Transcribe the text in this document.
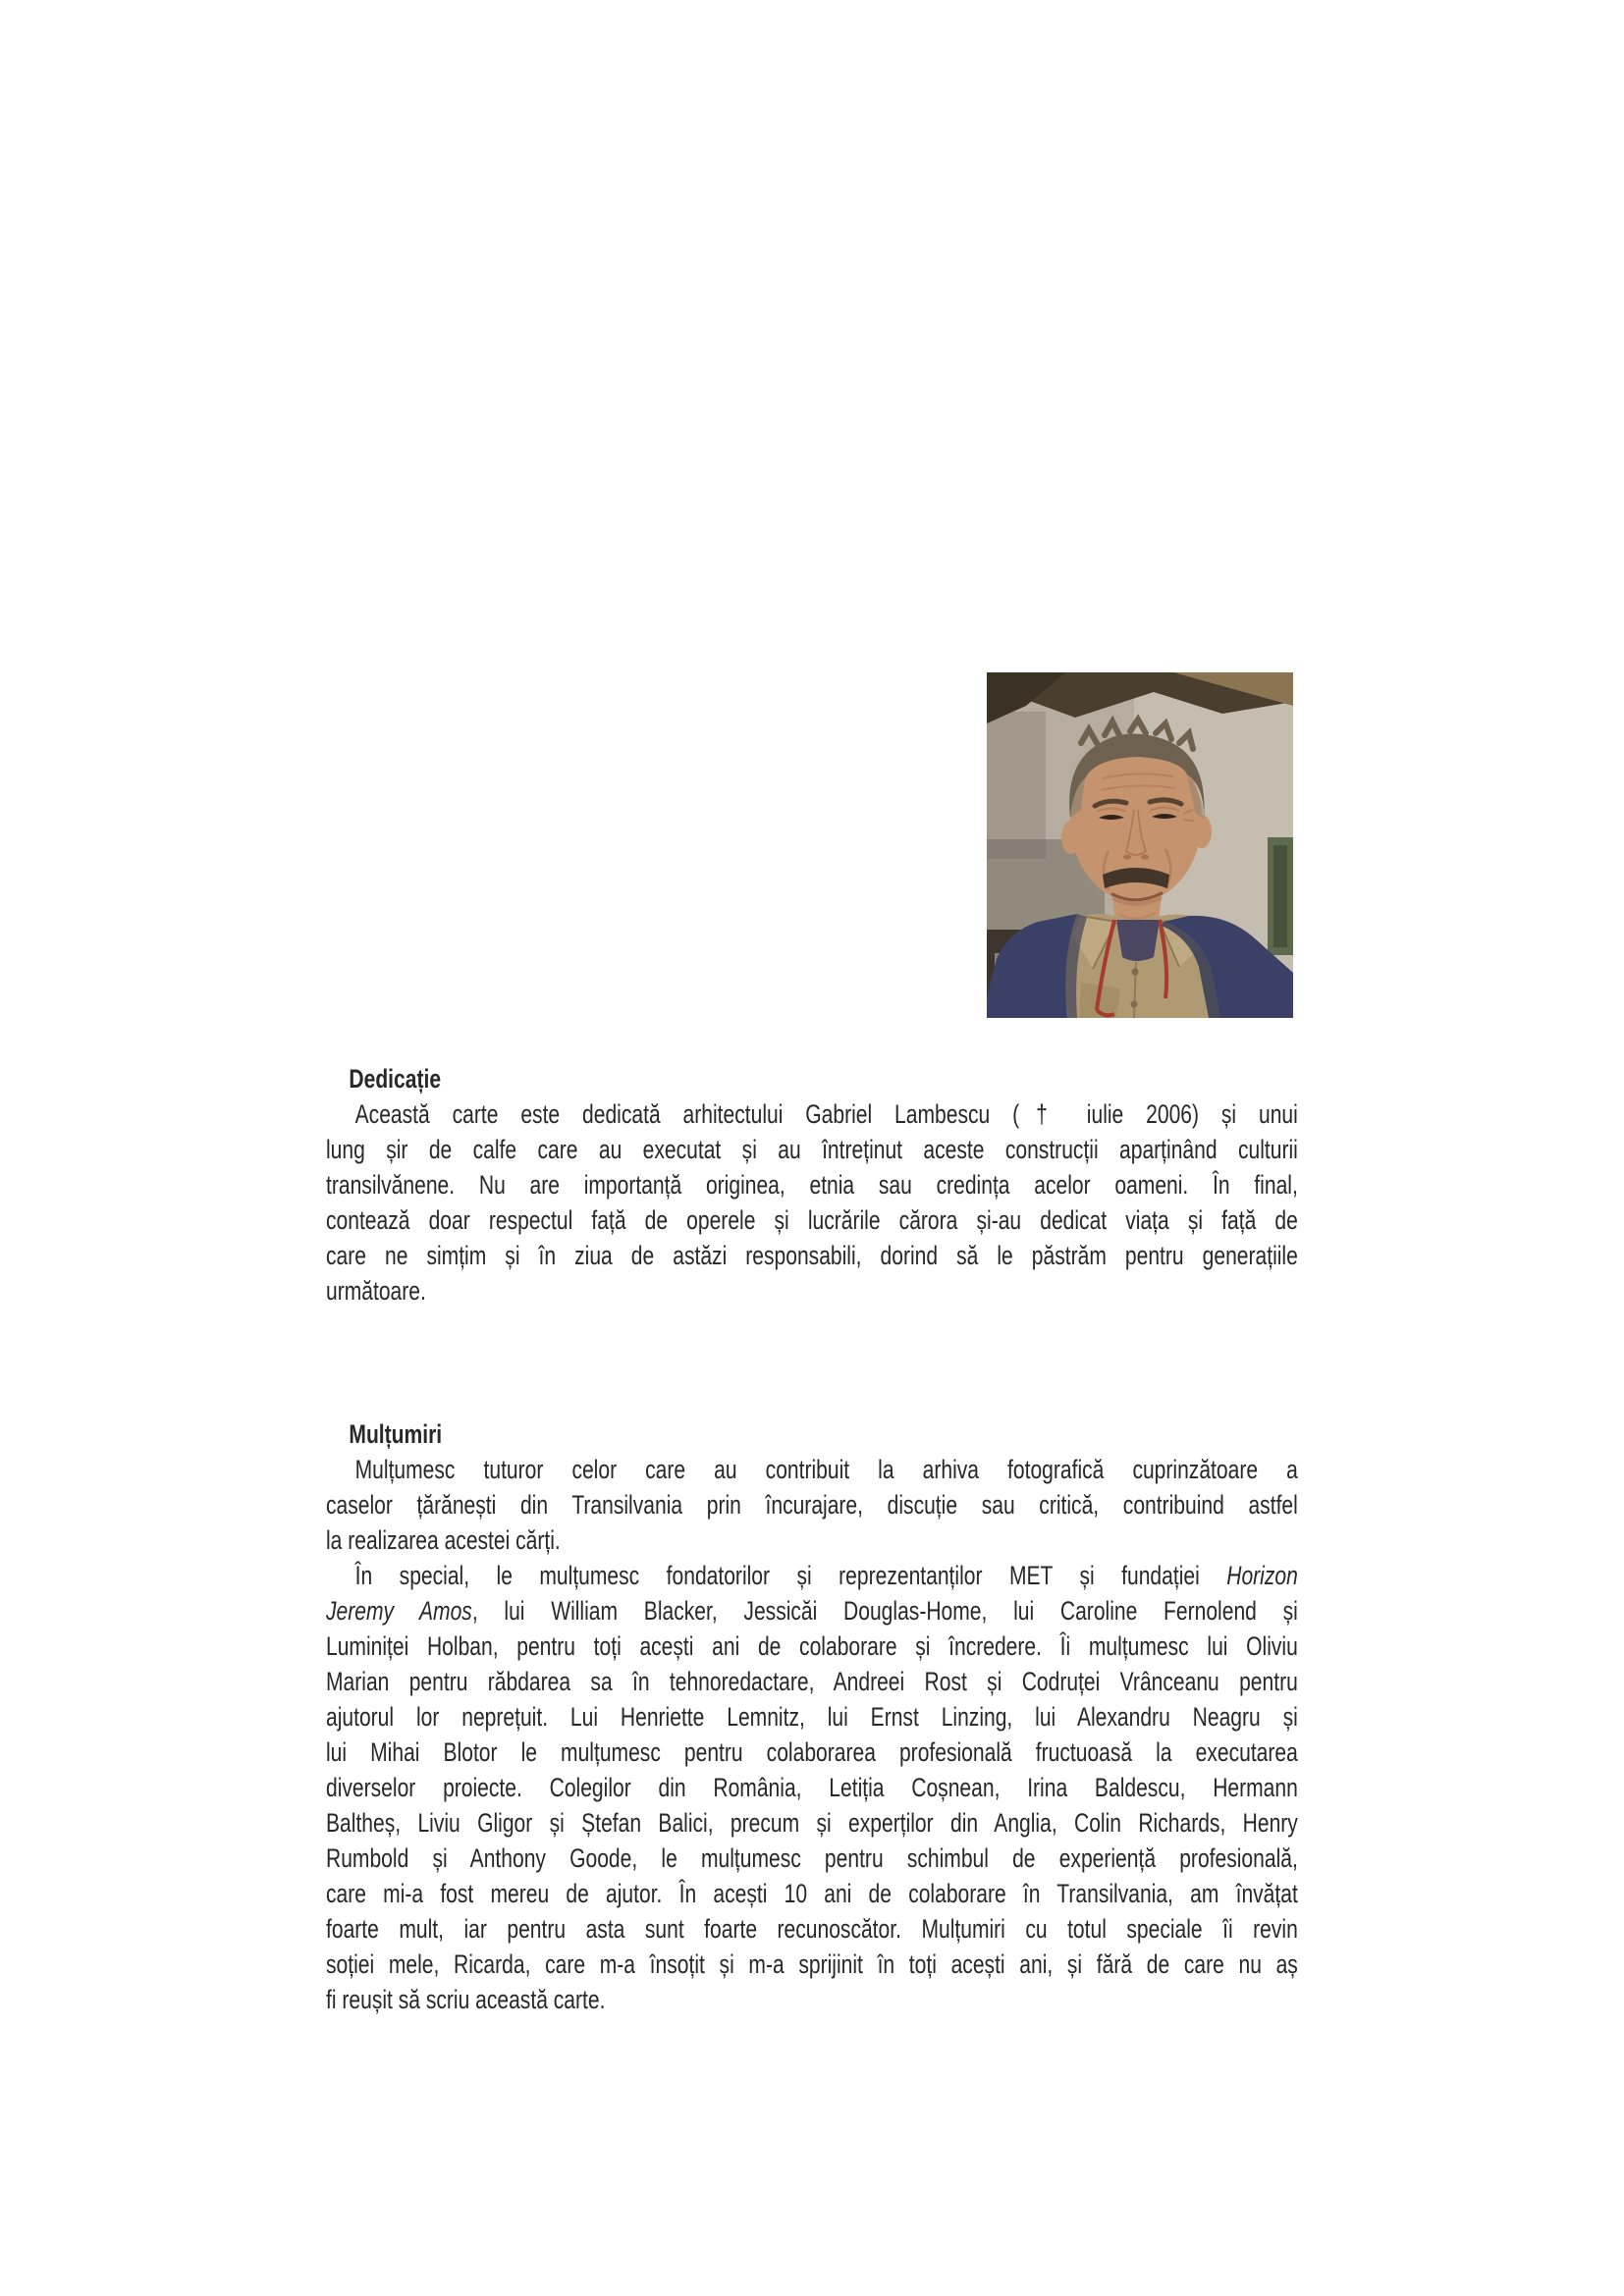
Dedicație
Această carte este dedicată arhitectului Gabriel Lambescu († iulie 2006) și unui
lung șir de calfe care au executat și au întreținut aceste construcții aparținând culturii
transilvănene. Nu are importanță originea, etnia sau credința acelor oameni. În final,
contează doar respectul față de operele și lucrările cărora și-au dedicat viața și față de
care ne simțim și în ziua de astăzi responsabili, dorind să le păstrăm pentru generațiile
următoare.
Mulțumiri
Mulțumesc tuturor celor care au contribuit la arhiva fotografică cuprinzătoare a
caselor țărănești din Transilvania prin încurajare, discuție sau critică, contribuind astfel
la realizarea acestei cărți.
În special, le mulțumesc fondatorilor și reprezentanților MET și fundației Horizon
Jeremy Amos, lui William Blacker, Jessicăi Douglas-Home, lui Caroline Fernolend și
Luminiței Holban, pentru toți acești ani de colaborare și încredere. Îi mulțumesc lui Oliviu
Marian pentru răbdarea sa în tehnoredactare, Andreei Rost și Codruței Vrânceanu pentru
ajutorul lor neprețuit. Lui Henriette Lemnitz, lui Ernst Linzing, lui Alexandru Neagru și
lui Mihai Blotor le mulțumesc pentru colaborarea profesională fructuoasă la executarea
diverselor proiecte. Colegilor din România, Letiția Coșnean, Irina Baldescu, Hermann
Baltheș, Liviu Gligor și Ștefan Balici, precum și experților din Anglia, Colin Richards, Henry
Rumbold și Anthony Goode, le mulțumesc pentru schimbul de experiență profesională,
care mi-a fost mereu de ajutor. În acești 10 ani de colaborare în Transilvania, am învățat
foarte mult, iar pentru asta sunt foarte recunoscător. Mulțumiri cu totul speciale îi revin
soției mele, Ricarda, care m-a însoțit și m-a sprijinit în toți acești ani, și fără de care nu aș
fi reușit să scriu această carte.
